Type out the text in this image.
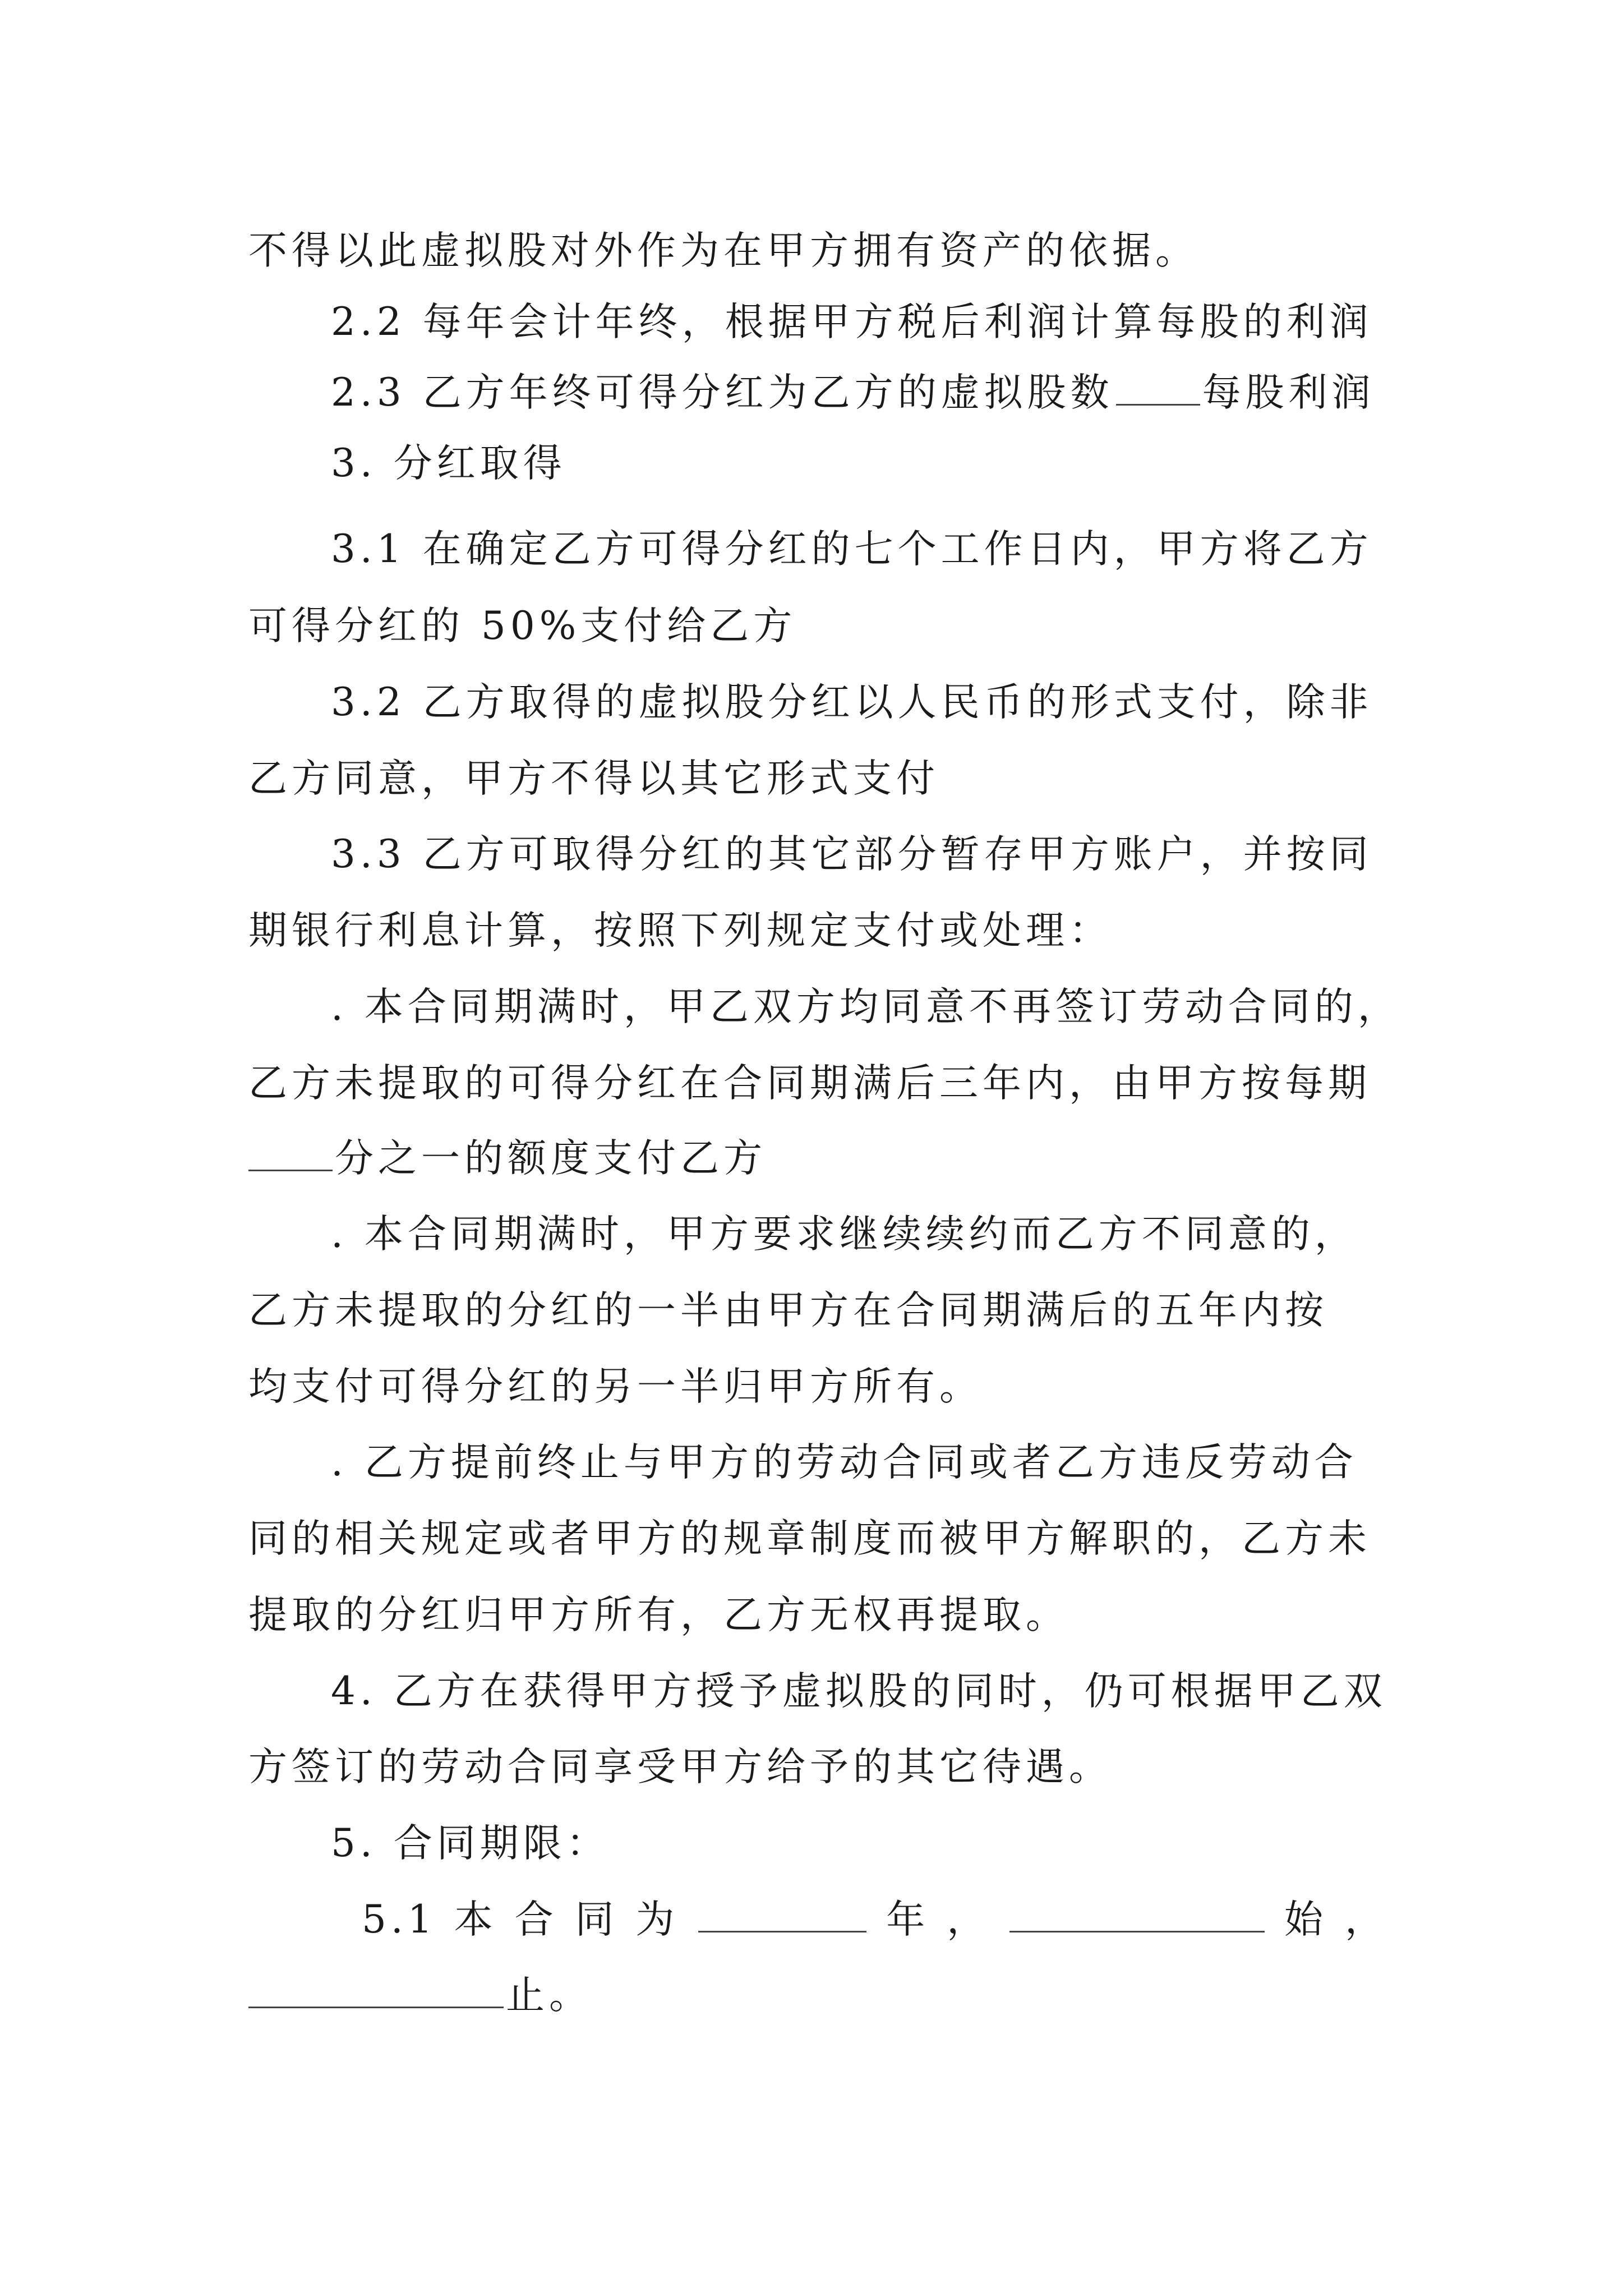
不得以此虚拟股对外作为在甲方拥有资产的依据。
2.2 每年会计年终，根据甲方税后利润计算每股的利润
2.3 乙方年终可得分红为乙方的虚拟股数 每股利润
3. 分红取得
3.1 在确定乙方可得分红的七个工作日内，甲方将乙方
可得分红的 50%支付给乙方
3.2 乙方取得的虚拟股分红以人民币的形式支付，除非
乙方同意，甲方不得以其它形式支付
3.3 乙方可取得分红的其它部分暂存甲方账户，并按同
期银行利息计算，按照下列规定支付或处理：
. 本合同期满时，甲乙双方均同意不再签订劳动合同的，
乙方未提取的可得分红在合同期满后三年内，由甲方按每期
分之一的额度支付乙方
. 本合同期满时，甲方要求继续续约而乙方不同意的，
乙方未提取的分红的一半由甲方在合同期满后的五年内按
均支付可得分红的另一半归甲方所有。
. 乙方提前终止与甲方的劳动合同或者乙方违反劳动合
同的相关规定或者甲方的规章制度而被甲方解职的，乙方未
提取的分红归甲方所有，乙方无权再提取。
4. 乙方在获得甲方授予虚拟股的同时，仍可根据甲乙双
方签订的劳动合同享受甲方给予的其它待遇。
5. 合同期限：
5.1 本 合 同 为	年 ，	始 ，
止。
